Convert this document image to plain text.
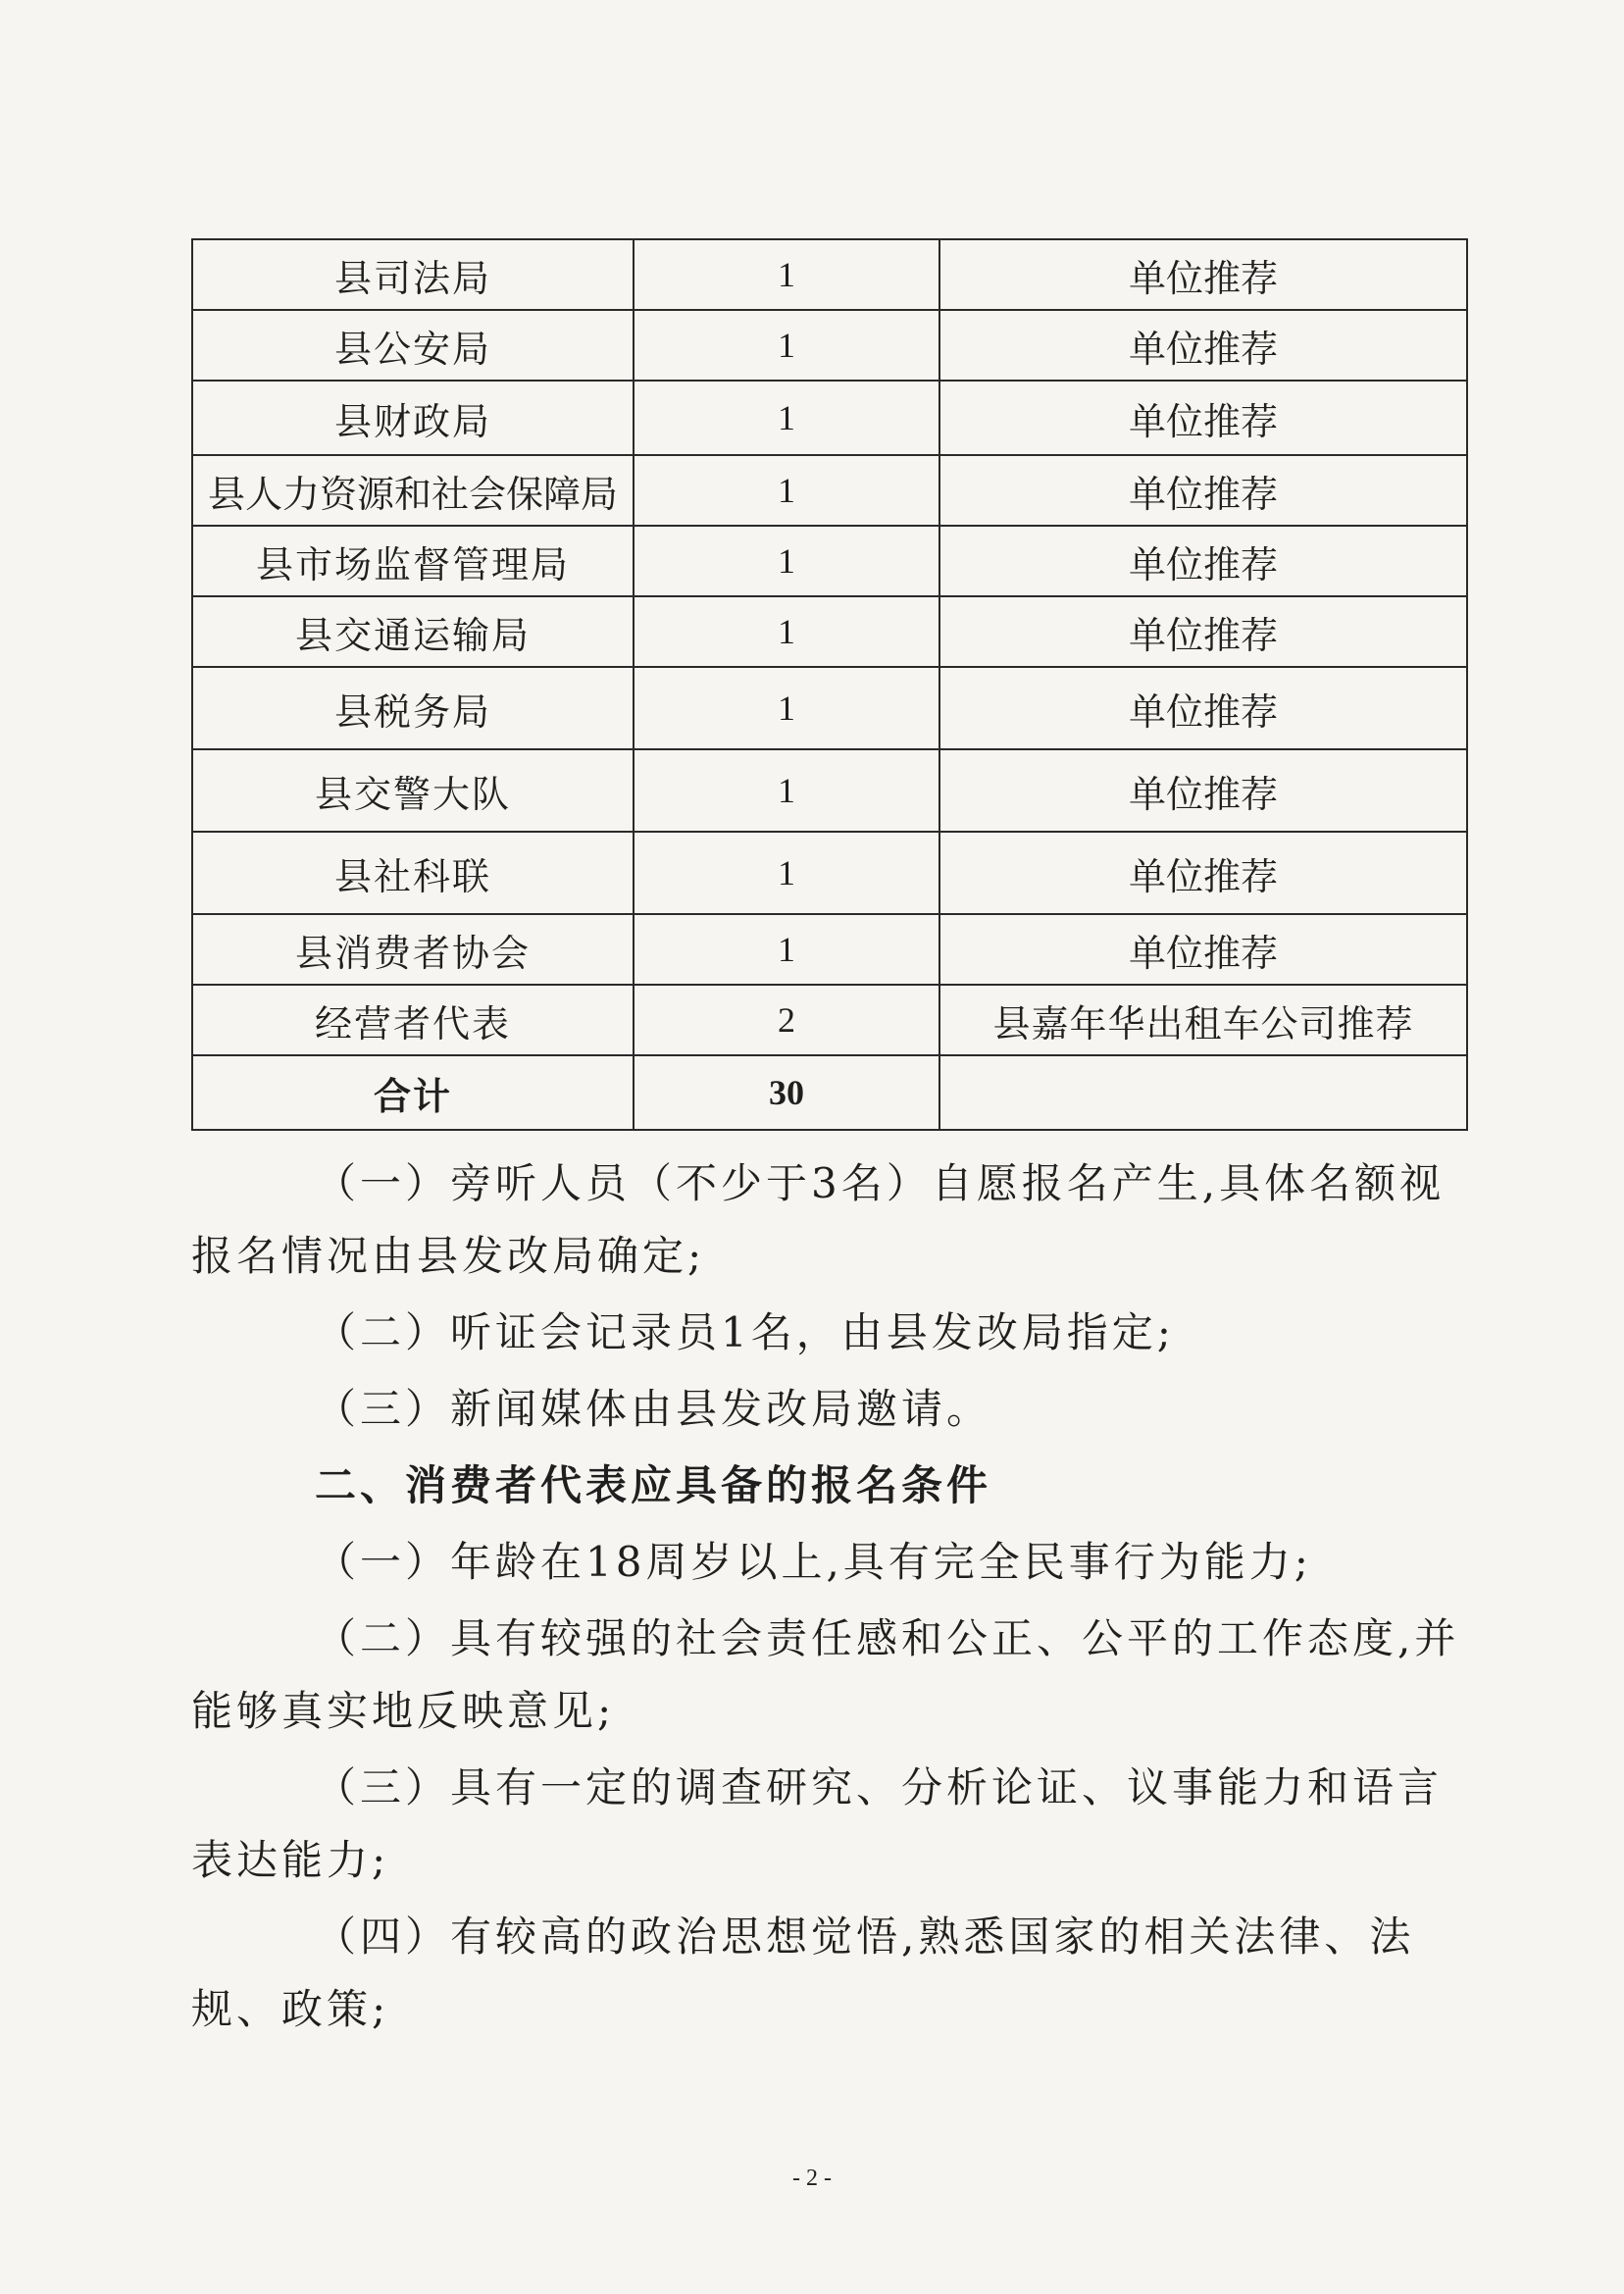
县司法局	1	单位推荐
县公安局	1	单位推荐
县财政局	1	单位推荐
县人力资源和社会保障局	1	单位推荐
县市场监督管理局	1	单位推荐
县交通运输局	1	单位推荐
县税务局	1	单位推荐
县交警大队	1	单位推荐
县社科联	1	单位推荐
县消费者协会	1	单位推荐
经营者代表	2	县嘉年华出租车公司推荐
合计	30	

（一）旁听人员（不少于3名）自愿报名产生,具体名额视报名情况由县发改局确定;

（二）听证会记录员1名，由县发改局指定;

（三）新闻媒体由县发改局邀请。

二、消费者代表应具备的报名条件

（一）年龄在18周岁以上,具有完全民事行为能力;

（二）具有较强的社会责任感和公正、公平的工作态度,并能够真实地反映意见;

（三）具有一定的调查研究、分析论证、议事能力和语言表达能力;

（四）有较高的政治思想觉悟,熟悉国家的相关法律、法规、政策;

- 2 -
